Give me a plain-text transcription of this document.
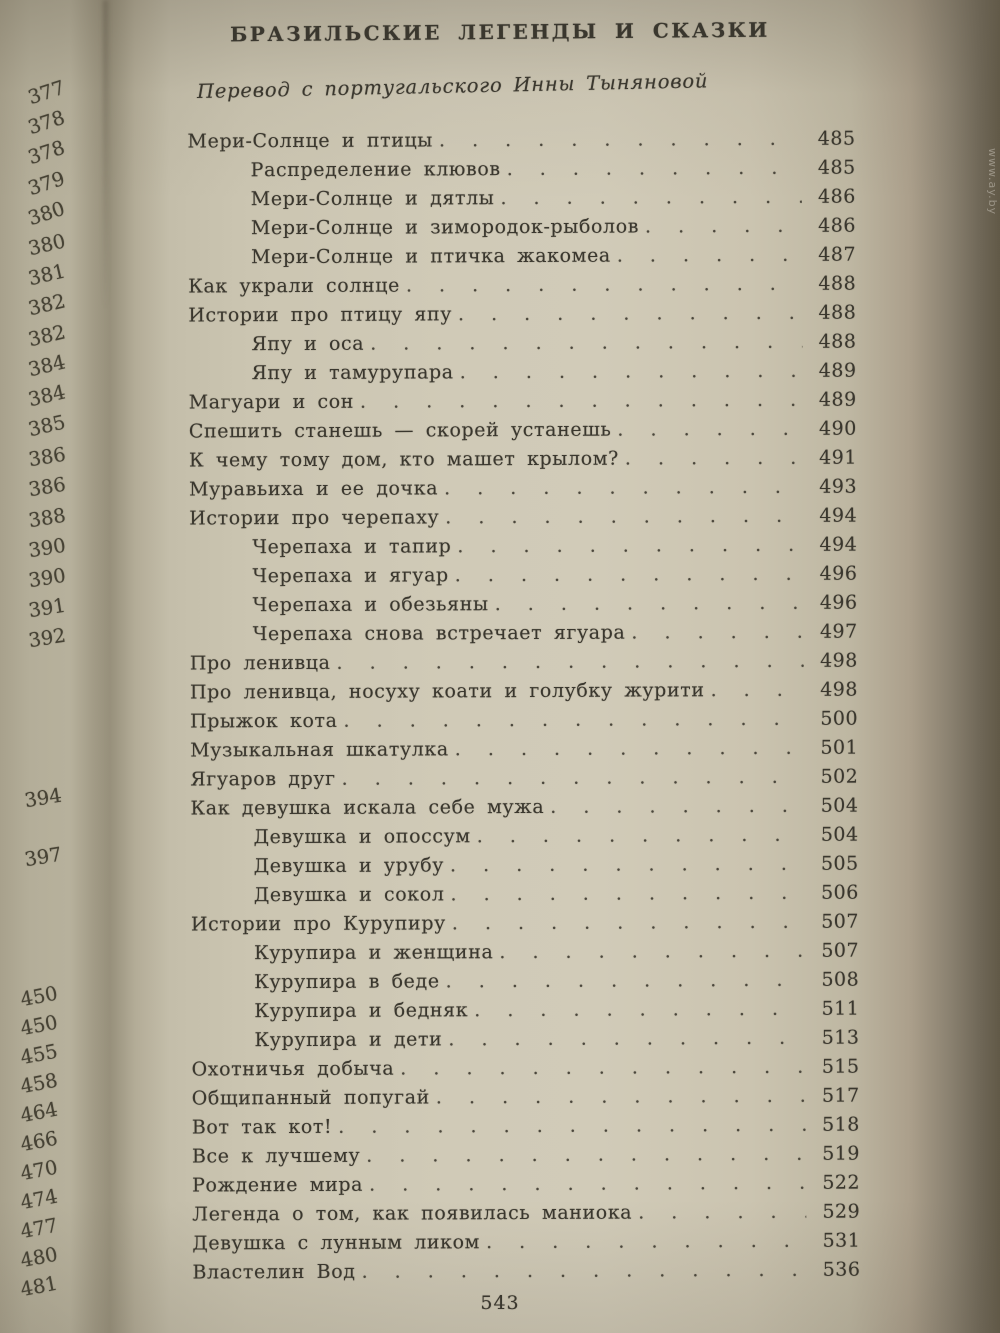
377
378
378
379
380
380
381
382
382
384
384
385
386
386
388
390
390
391
392
394
397
450
450
455
458
464
466
470
474
477
480
481
БРАЗИЛЬСКИЕ ЛЕГЕНДЫ И СКАЗКИ
Перевод с португальского Инны Тыняновой
Мери-Солнце и птицы . . .	485
Распределение клювов . . .	485
Мери-Солнце и дятлы . . .	486
Мери-Солнце и зимородок-рыболов . . .	486
Мери-Солнце и птичка жакомеа . . .	487
Как украли солнце . . .	488
Истории про птицу япу . . .	488
Япу и оса . . .	488
Япу и тамурупара . . .	489
Магуари и сон . . .	489
Спешить станешь — скорей устанешь . . .	490
К чему тому дом, кто машет крылом? . . .	491
Муравьиха и ее дочка . . .	493
Истории про черепаху . . .	494
Черепаха и тапир . . .	494
Черепаха и ягуар . . .	496
Черепаха и обезьяны . . .	496
Черепаха снова встречает ягуара . . .	497
Про ленивца . . .	498
Про ленивца, носуху коати и голубку журити . . .	498
Прыжок кота . . .	500
Музыкальная шкатулка . . .	501
Ягуаров друг . . .	502
Как девушка искала себе мужа . . .	504
Девушка и опоссум . . .	504
Девушка и урубу . . .	505
Девушка и сокол . . .	506
Истории про Курупиру . . .	507
Курупира и женщина . . .	507
Курупира в беде . . .	508
Курупира и бедняк . . .	511
Курупира и дети . . .	513
Охотничья добыча . . .	515
Общипанный попугай . . .	517
Вот так кот! . . .	518
Все к лучшему . . .	519
Рождение мира . . .	522
Легенда о том, как появилась маниока . . .	529
Девушка с лунным ликом . . .	531
Властелин Вод . . .	536
543
www.ay.by
